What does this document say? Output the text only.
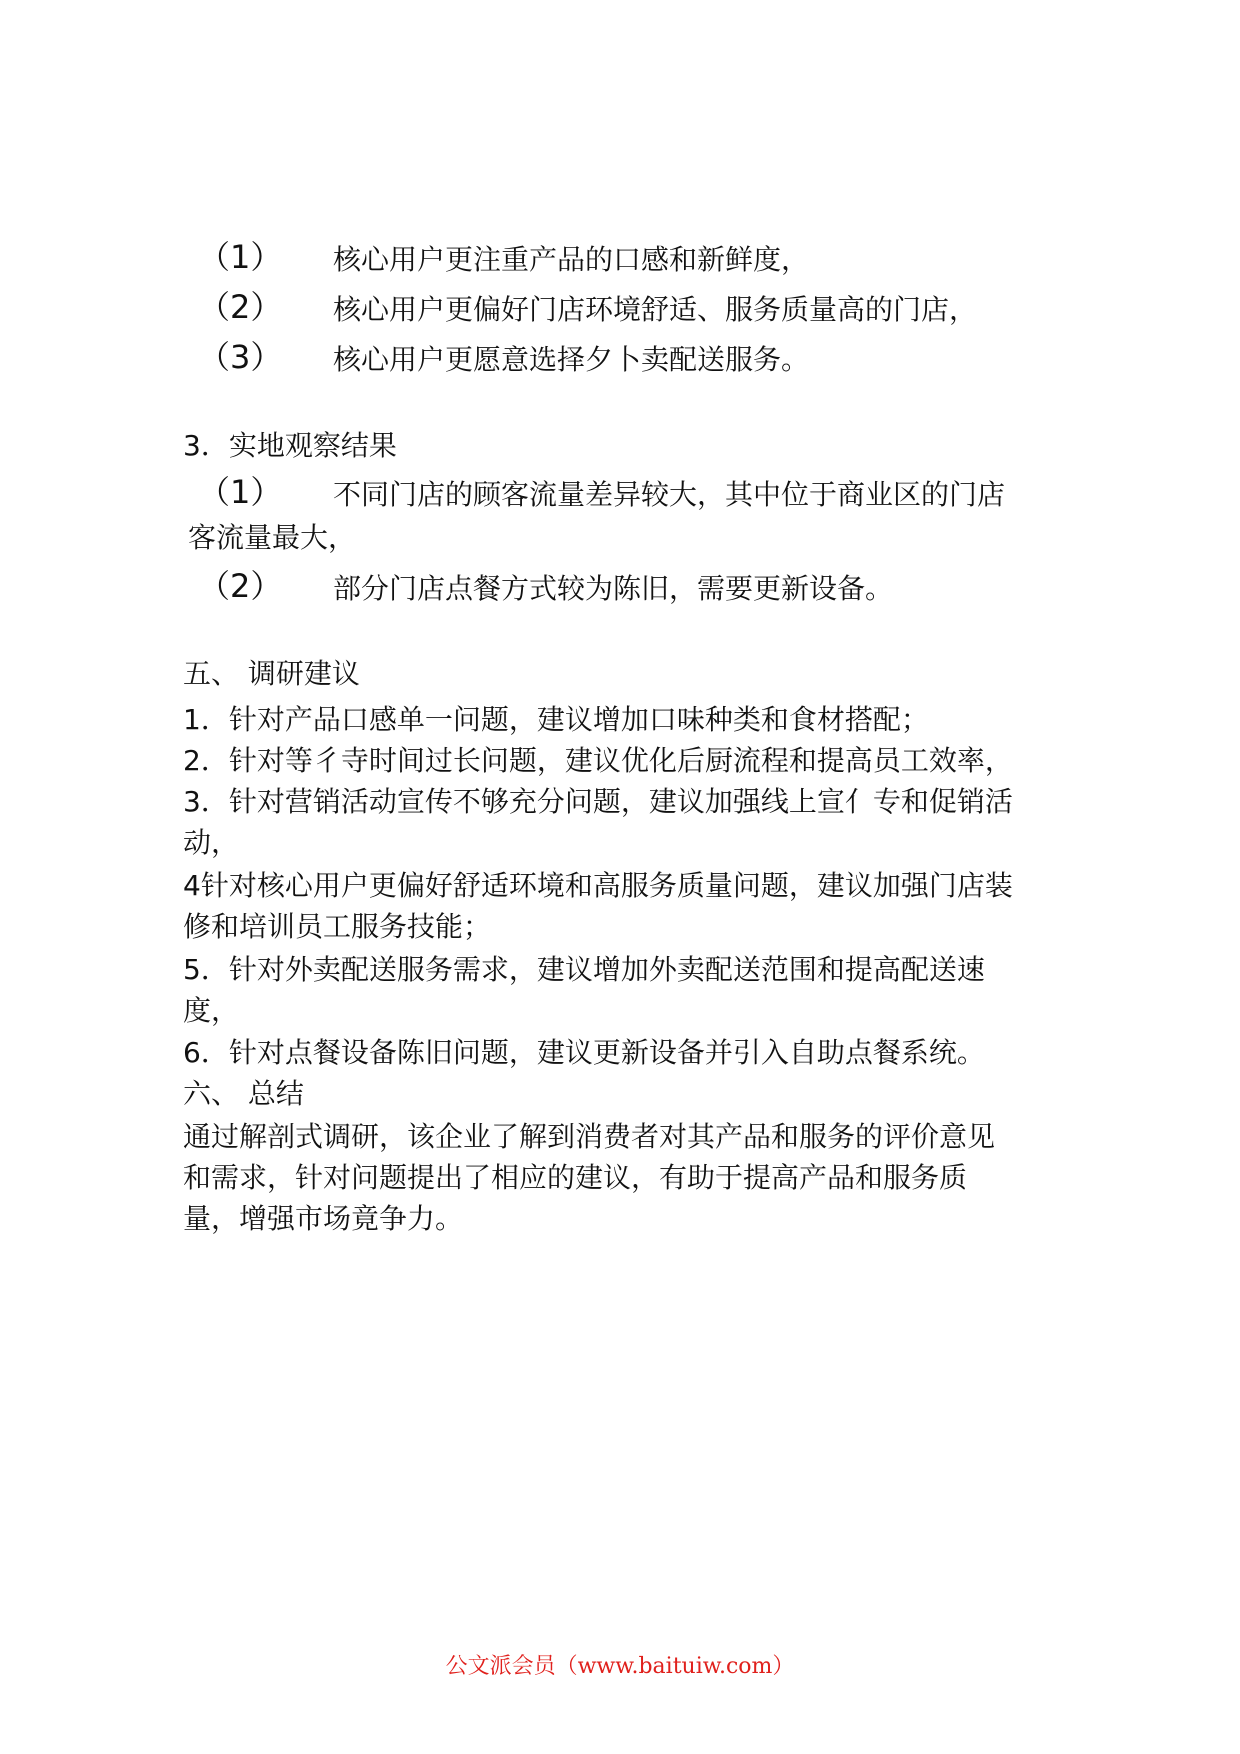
（1） 核心用户更注重产品的口感和新鲜度，
（2） 核心用户更偏好门店环境舒适、服务质量高的门店，
（3） 核心用户更愿意选择夕卜卖配送服务。
3．实地观察结果
（1） 不同门店的顾客流量差异较大，其中位于商业区的门店
客流量最大，
（2） 部分门店点餐方式较为陈旧，需要更新设备。
五、 调研建议
1．针对产品口感单一问题，建议增加口味种类和食材搭配；
2．针对等彳寺时间过长问题，建议优化后厨流程和提高员工效率，
3．针对营销活动宣传不够充分问题，建议加强线上宣亻专和促销活
动，
4针对核心用户更偏好舒适环境和高服务质量问题，建议加强门店装
修和培训员工服务技能；
5．针对外卖配送服务需求，建议增加外卖配送范围和提高配送速
度，
6．针对点餐设备陈旧问题，建议更新设备并引入自助点餐系统。
六、 总结
通过解剖式调研，该企业了解到消费者对其产品和服务的评价意见
和需求，针对问题提出了相应的建议，有助于提高产品和服务质
量，增强市场竟争力。
公文派会员（www.baituiw.com）
